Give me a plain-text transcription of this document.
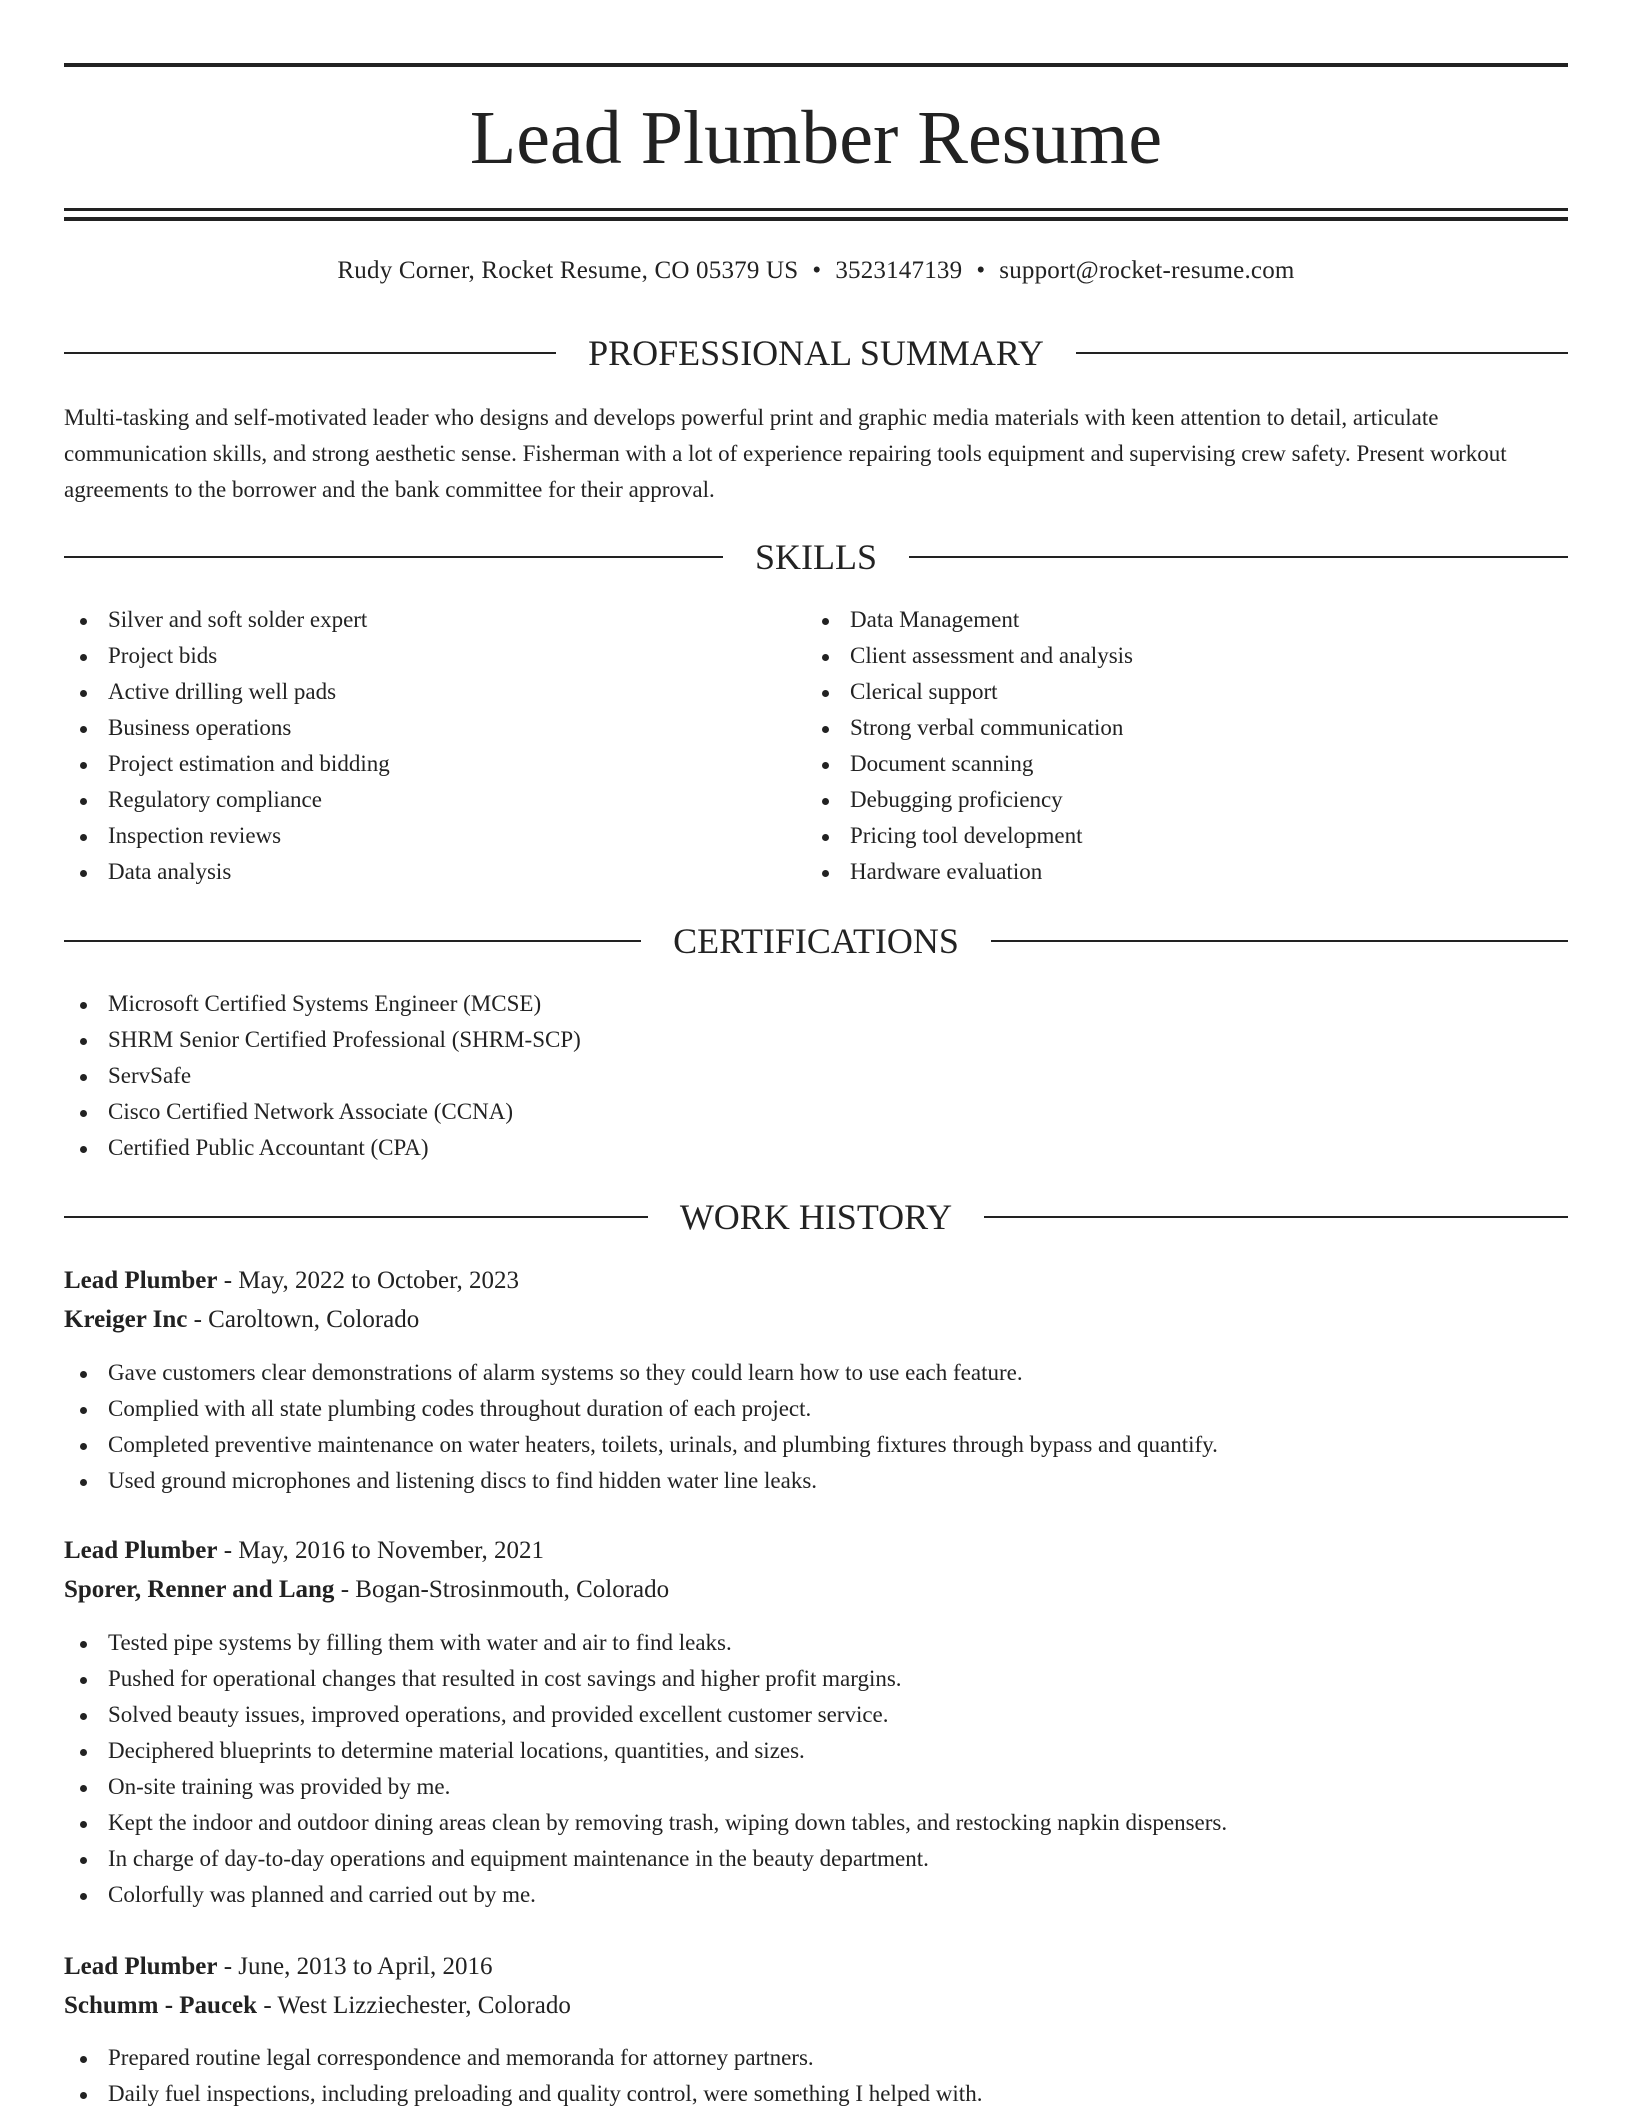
Lead Plumber Resume
Rudy Corner, Rocket Resume, CO 05379 US • 3523147139 • support@rocket-resume.com
PROFESSIONAL SUMMARY

Multi-tasking and self-motivated leader who designs and develops powerful print and graphic media materials with keen attention to detail, articulate communication skills, and strong aesthetic sense. Fisherman with a lot of experience repairing tools equipment and supervising crew safety. Present workout agreements to the borrower and the bank committee for their approval.

SKILLS
Silver and soft solder expert
Project bids
Active drilling well pads
Business operations
Project estimation and bidding
Regulatory compliance
Inspection reviews
Data analysis
Data Management
Client assessment and analysis
Clerical support
Strong verbal communication
Document scanning
Debugging proficiency
Pricing tool development
Hardware evaluation
CERTIFICATIONS
Microsoft Certified Systems Engineer (MCSE)
SHRM Senior Certified Professional (SHRM-SCP)
ServSafe
Cisco Certified Network Associate (CCNA)
Certified Public Accountant (CPA)
WORK HISTORY
Lead Plumber - May, 2022 to October, 2023
Kreiger Inc - Caroltown, Colorado
Gave customers clear demonstrations of alarm systems so they could learn how to use each feature.
Complied with all state plumbing codes throughout duration of each project.
Completed preventive maintenance on water heaters, toilets, urinals, and plumbing fixtures through bypass and quantify.
Used ground microphones and listening discs to find hidden water line leaks.
Lead Plumber - May, 2016 to November, 2021
Sporer, Renner and Lang - Bogan-Strosinmouth, Colorado
Tested pipe systems by filling them with water and air to find leaks.
Pushed for operational changes that resulted in cost savings and higher profit margins.
Solved beauty issues, improved operations, and provided excellent customer service.
Deciphered blueprints to determine material locations, quantities, and sizes.
On-site training was provided by me.
Kept the indoor and outdoor dining areas clean by removing trash, wiping down tables, and restocking napkin dispensers.
In charge of day-to-day operations and equipment maintenance in the beauty department.
Colorfully was planned and carried out by me.
Lead Plumber - June, 2013 to April, 2016
Schumm - Paucek - West Lizziechester, Colorado
Prepared routine legal correspondence and memoranda for attorney partners.
Daily fuel inspections, including preloading and quality control, were something I helped with.
